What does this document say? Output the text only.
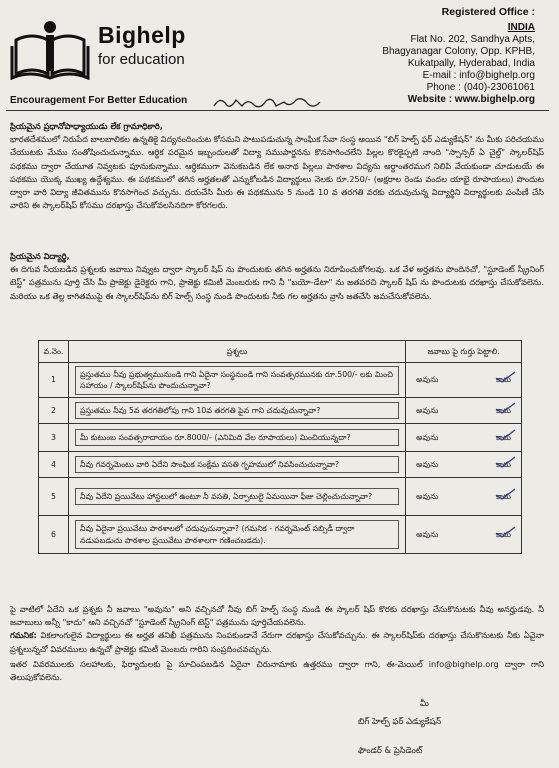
Bighelp
for education
Encouragement For Better Education
Registered Office :
INDIA
Flat No. 202, Sandhya Apts,
Bhagyanagar Colony, Opp. KPHB,
Kukatpally, Hyderabad, India
E-mail : info@bighelp.org
Phone : (040)-23061061
Website : www.bighelp.org
ప్రియమైన ప్రధానోపాధ్యాయుడు లేక గ్రామాధికారి,
భారతదేశములో నిరుపేద బాలబాలికల ఉన్నతికై విద్యనందించుట కోసమని పాటుపడుచున్న సాంఘిక సేవా సంస్థ అయిన "బిగ్ హెల్ప్ ఫర్ ఎడ్యుకేషన్" ను మీకు పరిచయము చేయుటకు మేము సంతోషించుచున్నాము. ఆర్థిక పరమైన ఇబ్బందులతో విద్యా సముపార్జనను కొనసాగించలేని పిల్లల కొరకైప్పటి నాంది "స్పాన్సర్ ఏ చైల్డ్" స్కాలర్‌షిప్ పథకము ద్వారా చేయూత నివ్వటకు పూనుకున్నాము. ఆర్థికముగా వెనుకబడిన లేక అనాథ పిల్లలు పాఠశాల విద్యను అర్థాంతరముగ నిలిపి వేయకుండా చూడుటయే ఈ పథకము యొక్క ముఖ్య ఉద్దేశ్యము. ఈ పథకములో తగిన అర్హతలతో ఎన్నుకోబడిన విద్యార్థులు నెలకు రూ.250/- (అక్షరాల రెండు వందల యాభై రూపాయలు) పొందుట ద్వారా వారి విద్యా జీవితమును కొనసాగించ వచ్చును. దయచేసి మీరు ఈ పథకమును 5 నుండి 10 వ తరగతి వరకు చదువుచున్న విద్యార్థిని విద్యార్థులకు పంపిణీ చేసి వారిని ఈ స్కాలర్‌షిప్ కోసము దరఖాస్తు చేసుకోవలసినదిగా కోరగలరు.
ప్రియమైన విద్యార్థి,
ఈ దిగువ నీయబడిన ప్రశ్నలకు జవాబు నివ్వుట ద్వారా స్కాలర్ షిప్ ను పొందుటకు తగిన అర్హతను నిరూపించుకోగలవు. ఒక వేళ అర్హతను పొందినచో, "స్టూడెంట్ స్క్రీనింగ్ టెస్ట్" పత్రమును పూర్తి చేసి మీ ప్రాజెక్టు డైరెక్టరు గాని, ప్రాజెక్టు కమిటీ మెంబరుకు గాని నీ "బయో-డేటా" ను జతపరచి స్కాలర్ షిప్ ను పొందుటకు దరఖాస్తు చేసుకోవలెను. మరియు ఒక తెల్ల కాగితముపై ఈ స్కాలర్‌షిప్‌ను బిగ్ హెల్ప్ సంస్థ నుండి పొందుటకు నీకు గల అర్హతను వ్రాసి జతచేసి జమచేసుకోవలెను.
వ.నెం.	ప్రశ్నలు	జవాబు పై గుర్తు పెట్టాలి.
1	ప్రస్తుతము నీవు ప్రభుత్వమునుండి గాని ఏదైనా సంస్థనుండి గాని సంవత్సరమునకు రూ.500/- లకు మించి సహాయం / స్కాలర్‌షిప్‌ను పొందుచున్నావా?	అవును కాదు

2	ప్రస్తుతము నీవు 5వ తరగతిలోపు గాని 10వ తరగతి పైన గాని చదువుచున్నావా?	అవును కాదు

3	మీ కుటుంబ సంవత్సరాదాయం రూ.8000/- (ఎనిమిది వేల రూపాయలు) మించియున్నదా?	అవును కాదు

4	నీవు గవర్నమెంటు వారి ఏదేని సాంఘిక సంక్షేమ వసతి గృహములో నివసించుచున్నావా?	అవును కాదు

5	నీవు ఏదేని ప్రయివేటు హాస్టలులో ఉంటూ నీ వసతి, ఏర్పాటులై ఏమయినా ఫీజు చెల్లించుచున్నావా?	అవును కాదు

6	నీవు ఏదైనా ప్రయివేటు పాఠశాలలో చదువుచున్నావా? (గమనిక - గవర్నమెంట్ సబ్సిడీ ద్వారా నడుపబడుచు పాఠశాల ప్రయివేటు పాఠశాలగా గణించబడదు).	అవును కాదు
పై వాటిలో ఏదేని ఒక ప్రశ్నకు నీ జవాబు "అవును" అని వచ్చినచో నీవు బిగ్ హెల్ప్ సంస్థ నుండి ఈ స్కాలర్ షిప్ కొరకు దరఖాస్తు చేసుకొనుటకు నీవు అనర్హుడవు. నీ జవాబులు అన్నీ "కాదు" అని వచ్చినచో "స్టూడెంట్ స్క్రీనింగ్ టెస్ట్" పత్రమును పూర్తిచేయవలెను.
గమనిక: వికలాంగులైన విద్యార్థులు ఈ అర్హత తనిఖీ పత్రమును నింపకుండానే నేరుగా దరఖాస్తు చేసుకోవచ్చును. ఈ స్కాలర్‌షిప్‌కు దరఖాస్తు చేసుకొనుటకు నీకు ఏవైనా ప్రశ్నలున్నచో వివరములు ఉన్నచో ప్రాజెక్టు కమిటీ మెంబరు గారిని సంప్రదించవచ్చును.
ఇతర వివరములకు సలహాలకు, ఫిర్యాదులకు పై సూచింపబడిన ఏదైనా చిరునామాకు ఉత్తరము ద్వారా గాని, ఈ-మెయిల్ info@bighelp.org ద్వారా గాని తెలుపుకోవలెను.
మీ
బిగ్ హెల్ప్ ఫర్ ఎడ్యుకేషన్
ఫౌండర్ & ప్రెసిడెంట్
